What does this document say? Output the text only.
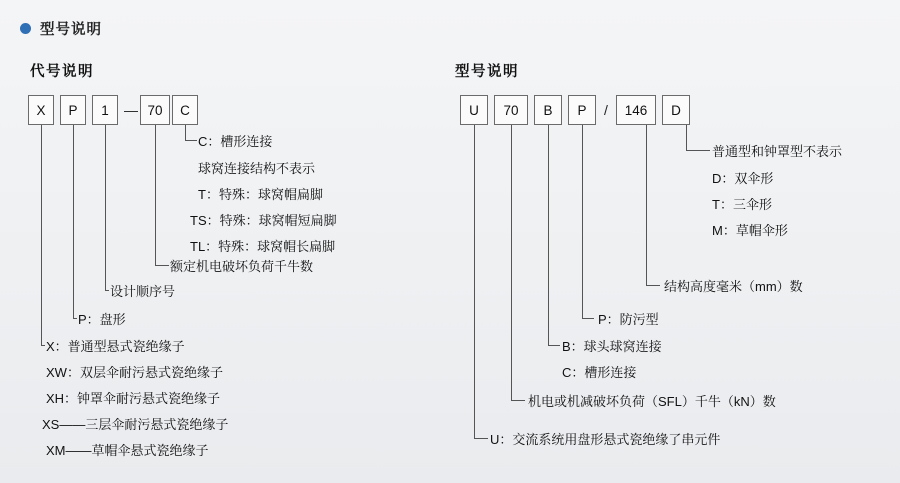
型号说明
代号说明
X	P	1	— 70	C
C：槽形连接
球窝连接结构不表示
T：特殊：球窝帽扁脚
TS：特殊：球窝帽短扁脚
TL：特殊：球窝帽长扁脚
额定机电破坏负荷千牛数
设计顺序号
P：盘形
X：普通型悬式瓷绝缘子
XW：双层伞耐污悬式瓷绝缘子
XH：钟罩伞耐污悬式瓷绝缘子
XS——三层伞耐污悬式瓷绝缘子
XM——草帽伞悬式瓷绝缘子
型号说明
U	70	B	P	/	146	D
普通型和钟罩型不表示
D：双伞形
T：三伞形
M：草帽伞形
结构高度毫米（mm）数
P：防污型
B：球头球窝连接
C：槽形连接
机电或机减破坏负荷（SFL）千牛（kN）数
U：交流系统用盘形悬式瓷绝缘了串元件
